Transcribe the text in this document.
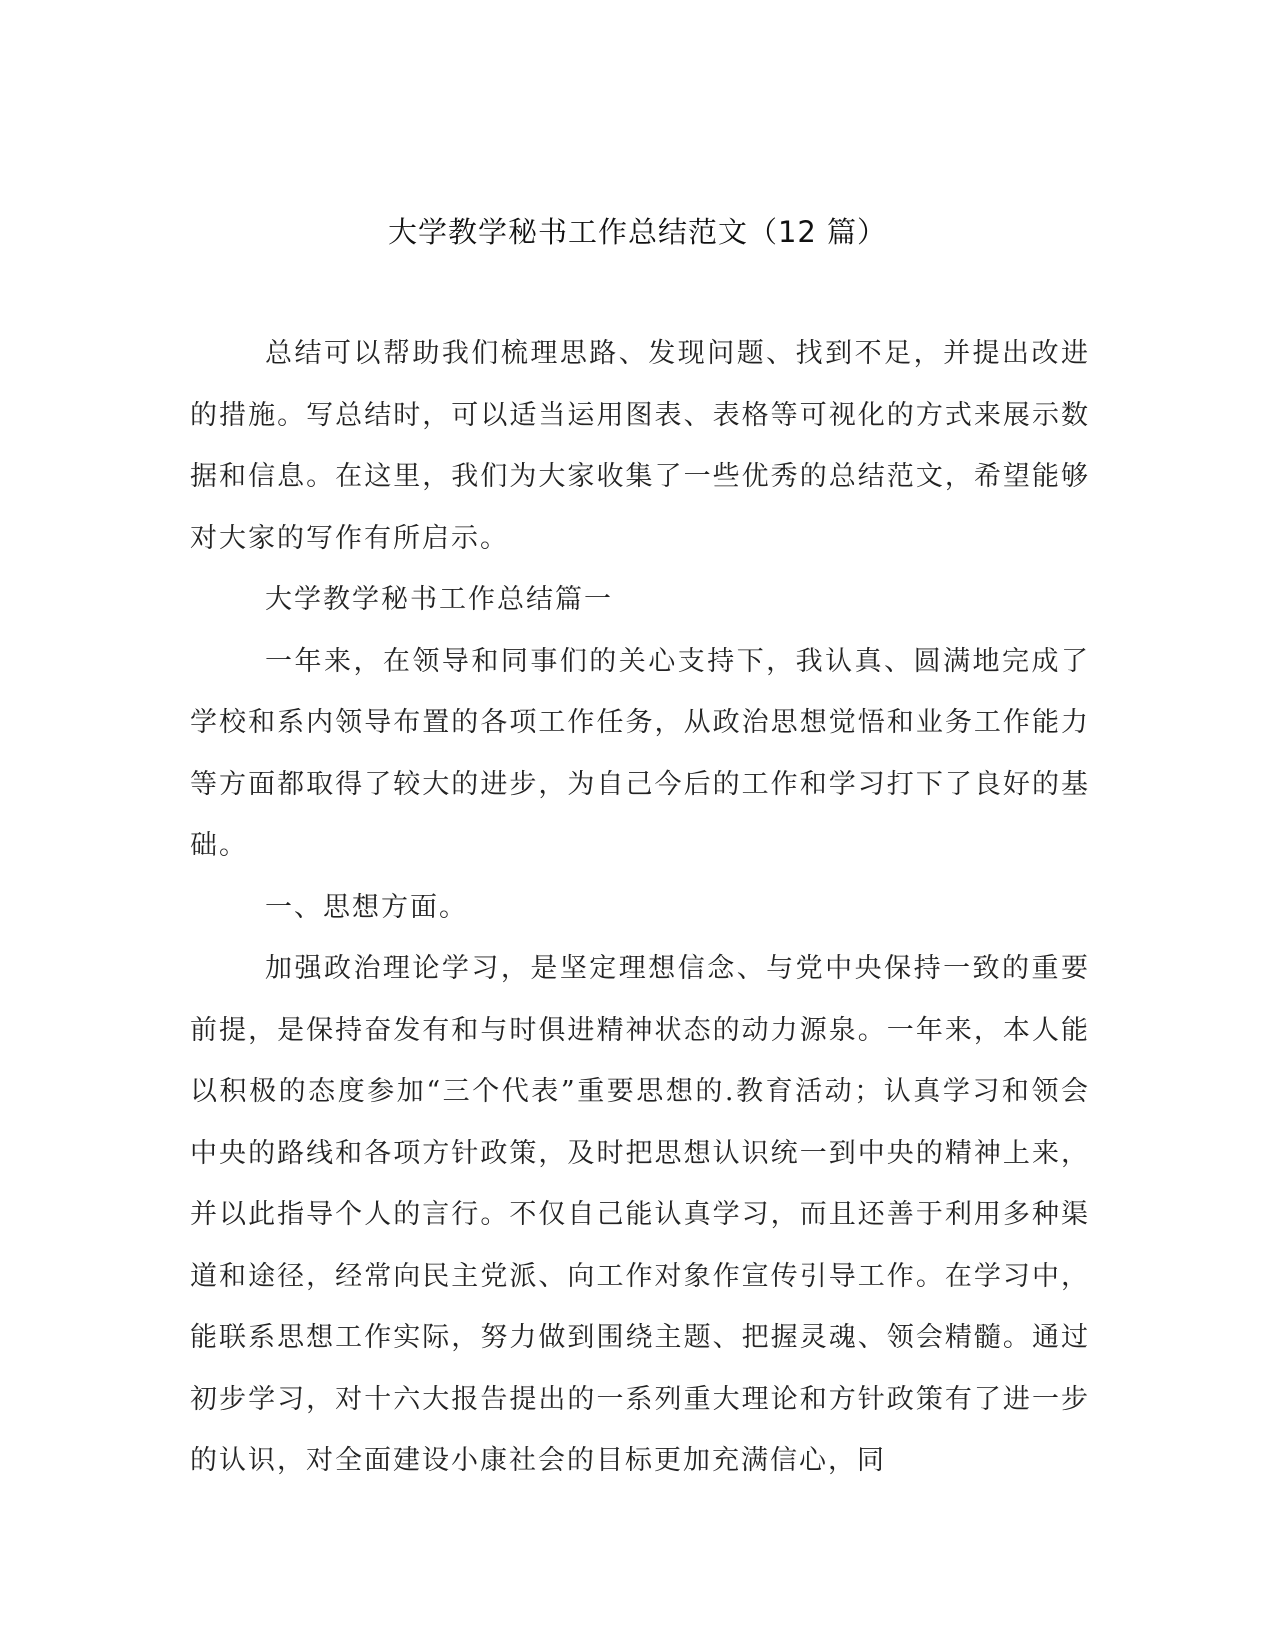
大学教学秘书工作总结范文（12 篇）

总结可以帮助我们梳理思路、发现问题、找到不足，并提出改进的措施。写总结时，可以适当运用图表、表格等可视化的方式来展示数据和信息。在这里，我们为大家收集了一些优秀的总结范文，希望能够对大家的写作有所启示。

大学教学秘书工作总结篇一

一年来，在领导和同事们的关心支持下，我认真、圆满地完成了学校和系内领导布置的各项工作任务，从政治思想觉悟和业务工作能力等方面都取得了较大的进步，为自己今后的工作和学习打下了良好的基础。

一、思想方面。

加强政治理论学习，是坚定理想信念、与党中央保持一致的重要前提，是保持奋发有和与时俱进精神状态的动力源泉。一年来，本人能以积极的态度参加“三个代表”重要思想的.教育活动；认真学习和领会中央的路线和各项方针政策，及时把思想认识统一到中央的精神上来，并以此指导个人的言行。不仅自己能认真学习，而且还善于利用多种渠道和途径，经常向民主党派、向工作对象作宣传引导工作。在学习中，能联系思想工作实际，努力做到围绕主题、把握灵魂、领会精髓。通过初步学习，对十六大报告提出的一系列重大理论和方针政策有了进一步的认识，对全面建设小康社会的目标更加充满信心，同
